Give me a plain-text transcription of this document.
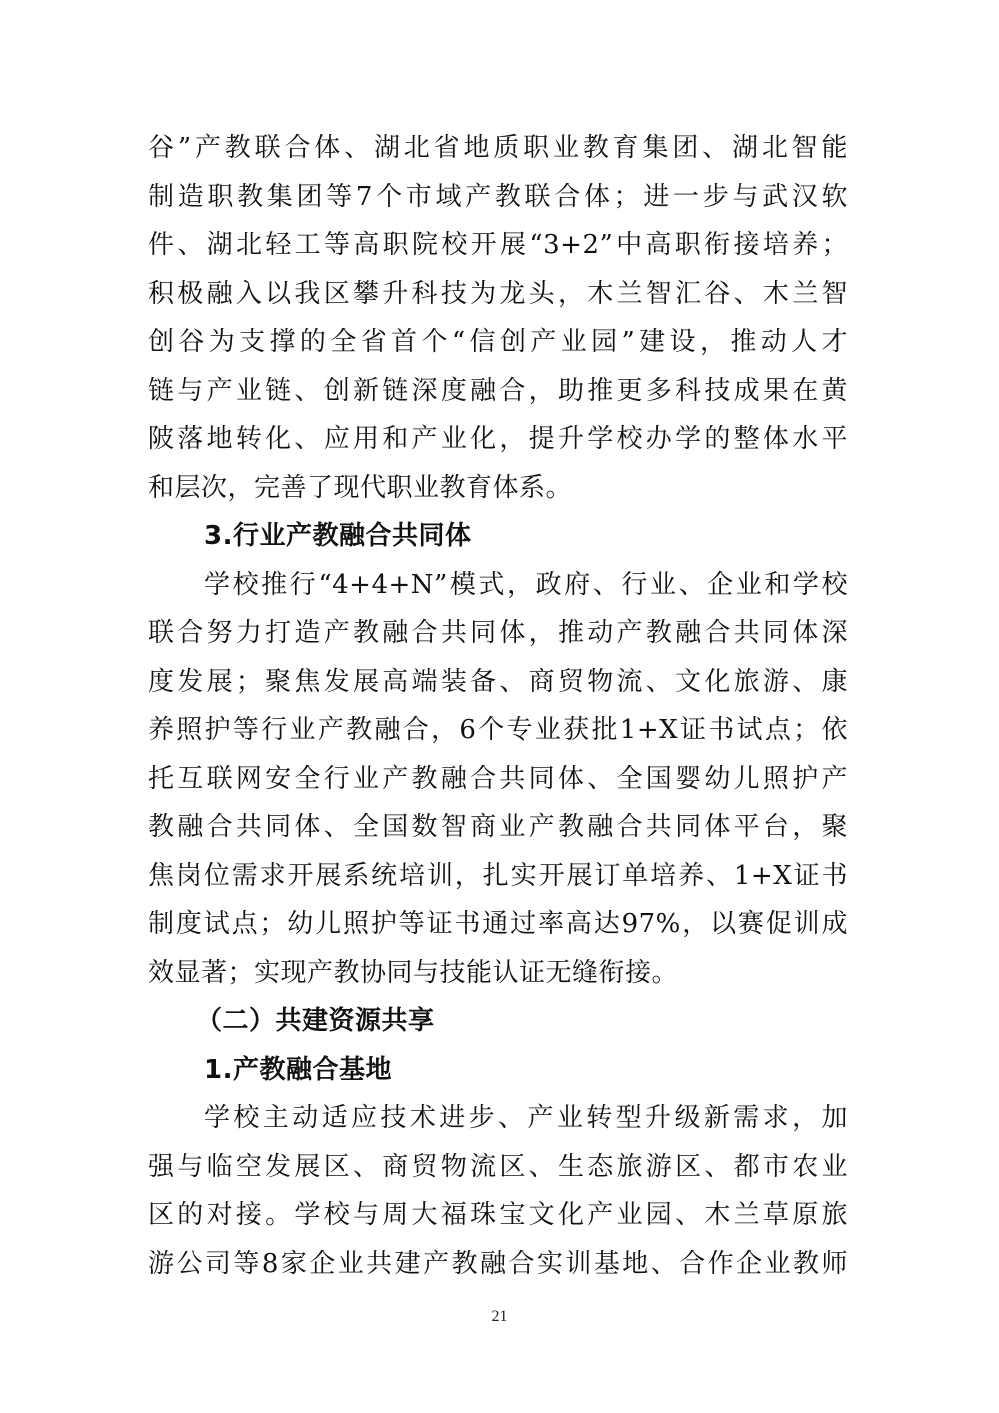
谷”产教联合体、湖北省地质职业教育集团、湖北智能
制造职教集团等7个市域产教联合体；进一步与武汉软
件、湖北轻工等高职院校开展“3+2”中高职衔接培养；
积极融入以我区攀升科技为龙头，木兰智汇谷、木兰智
创谷为支撑的全省首个“信创产业园”建设，推动人才
链与产业链、创新链深度融合，助推更多科技成果在黄
陂落地转化、应用和产业化，提升学校办学的整体水平
和层次，完善了现代职业教育体系。
3.行业产教融合共同体
学校推行“4+4+N”模式，政府、行业、企业和学校
联合努力打造产教融合共同体，推动产教融合共同体深
度发展；聚焦发展高端装备、商贸物流、文化旅游、康
养照护等行业产教融合，6个专业获批1+X证书试点；依
托互联网安全行业产教融合共同体、全国婴幼儿照护产
教融合共同体、全国数智商业产教融合共同体平台，聚
焦岗位需求开展系统培训，扎实开展订单培养、1+X证书
制度试点；幼儿照护等证书通过率高达97%，以赛促训成
效显著；实现产教协同与技能认证无缝衔接。
（二）共建资源共享
1.产教融合基地
学校主动适应技术进步、产业转型升级新需求，加
强与临空发展区、商贸物流区、生态旅游区、都市农业
区的对接。学校与周大福珠宝文化产业园、木兰草原旅
游公司等8家企业共建产教融合实训基地、合作企业教师
21
